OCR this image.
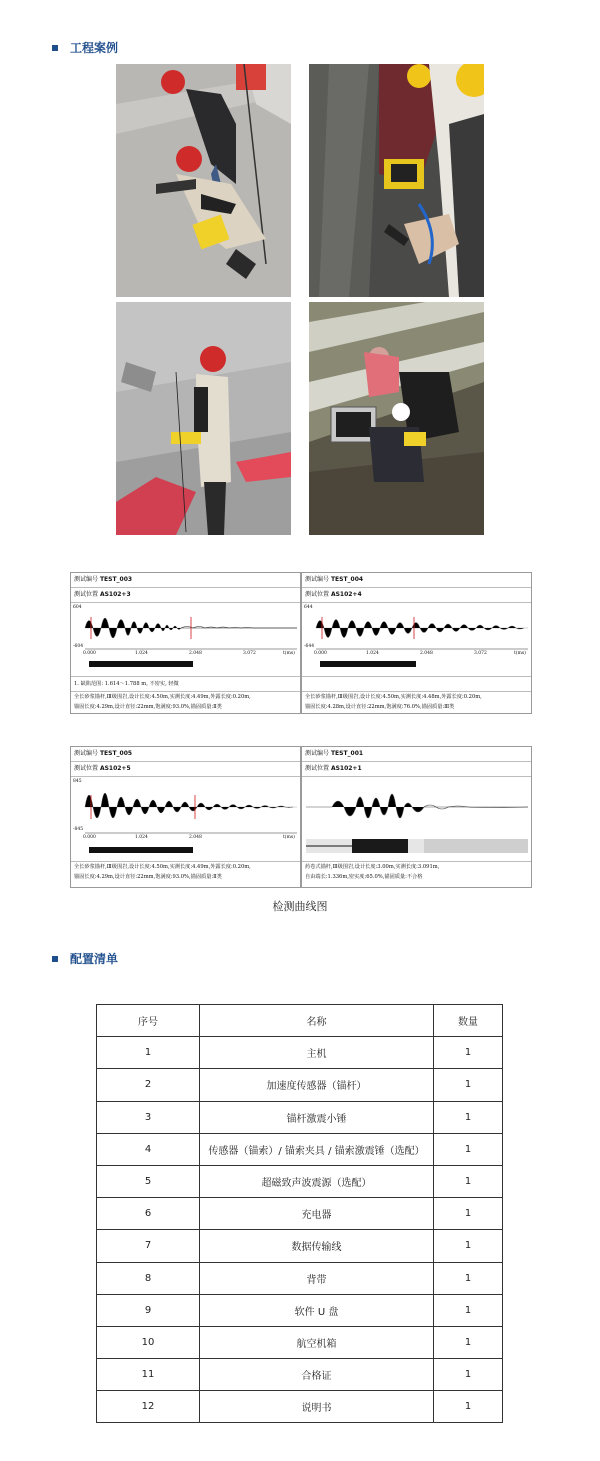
工程案例
测试编号 TEST_003
测试位置 AS102+3
604
-604
0.000	1.024	2.048	3.072	t(ms)
1. 缺陷范围: 1.614～1.788 m, 不密实, 轻微
全长砂浆锚杆,Ⅲ级围岩,设计长度:4.50m,实测长度:4.49m,外露长度:0.20m,
锚固长度:4.29m,设计直径:22mm,饱满度:93.0%,锚固质量:Ⅱ类
测试编号 TEST_004
测试位置 AS102+4
644
-644
0.000	1.024	2.048	3.072	t(ms)
全长砂浆锚杆,Ⅲ级围岩,设计长度:4.50m,实测长度:4.48m,外露长度:0.20m,
锚固长度:4.28m,设计直径:22mm,饱满度:76.0%,锚固质量:Ⅲ类
测试编号 TEST_005
测试位置 AS102+5
845
-845
0.000	1.024	2.048	t(ms)
全长砂浆锚杆,Ⅲ级围岩,设计长度:4.50m,实测长度:4.49m,外露长度:0.20m,
锚固长度:4.29m,设计直径:22mm,饱满度:93.0%,锚固质量:Ⅱ类
测试编号 TEST_001
测试位置 AS102+1
药卷式锚杆,Ⅲ级围岩,设计长度:3.00m,实测长度:3.091m,
自由端长:1.336m,密实度:65.0%,锚固质量:不合格
检测曲线图
配置清单
序号	名称	数量
1	主机	1
2	加速度传感器（锚杆）	1
3	锚杆激震小锤	1
4	传感器（锚索）/ 锚索夹具 / 锚索激震锤（选配）	1
5	超磁致声波震源（选配）	1
6	充电器	1
7	数据传输线	1
8	背带	1
9	软件 U 盘	1
10	航空机箱	1
11	合格证	1
12	说明书	1
